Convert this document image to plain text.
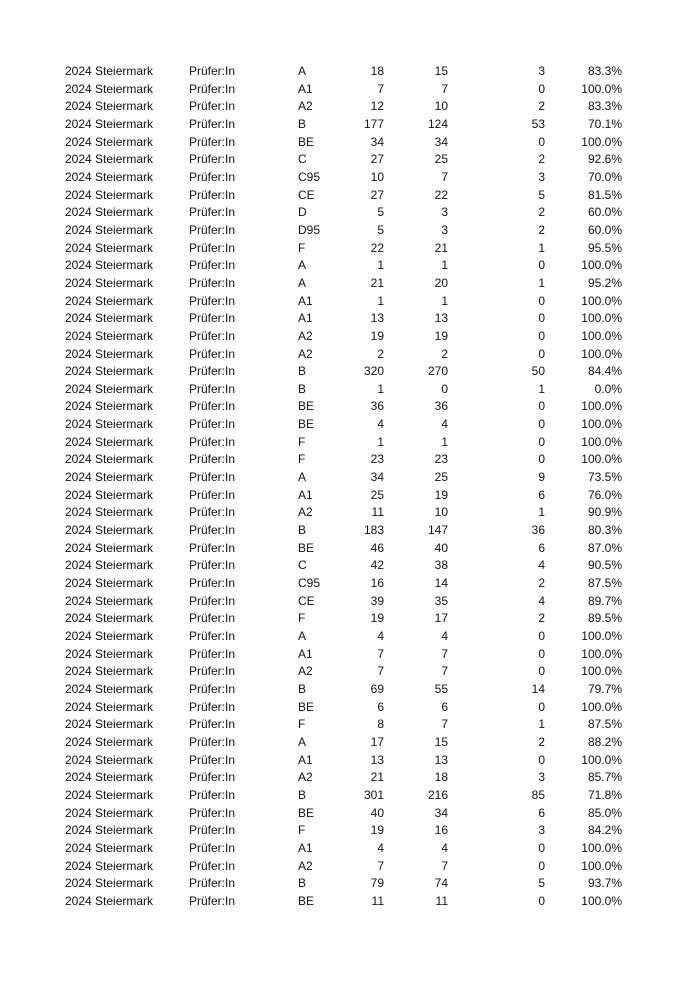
2024 Steiermark	Prüfer:In	A	18	15	3	83.3%
2024 Steiermark	Prüfer:In	A1	7	7	0	100.0%
2024 Steiermark	Prüfer:In	A2	12	10	2	83.3%
2024 Steiermark	Prüfer:In	B	177	124	53	70.1%
2024 Steiermark	Prüfer:In	BE	34	34	0	100.0%
2024 Steiermark	Prüfer:In	C	27	25	2	92.6%
2024 Steiermark	Prüfer:In	C95	10	7	3	70.0%
2024 Steiermark	Prüfer:In	CE	27	22	5	81.5%
2024 Steiermark	Prüfer:In	D	5	3	2	60.0%
2024 Steiermark	Prüfer:In	D95	5	3	2	60.0%
2024 Steiermark	Prüfer:In	F	22	21	1	95.5%
2024 Steiermark	Prüfer:In	A	1	1	0	100.0%
2024 Steiermark	Prüfer:In	A	21	20	1	95.2%
2024 Steiermark	Prüfer:In	A1	1	1	0	100.0%
2024 Steiermark	Prüfer:In	A1	13	13	0	100.0%
2024 Steiermark	Prüfer:In	A2	19	19	0	100.0%
2024 Steiermark	Prüfer:In	A2	2	2	0	100.0%
2024 Steiermark	Prüfer:In	B	320	270	50	84.4%
2024 Steiermark	Prüfer:In	B	1	0	1	0.0%
2024 Steiermark	Prüfer:In	BE	36	36	0	100.0%
2024 Steiermark	Prüfer:In	BE	4	4	0	100.0%
2024 Steiermark	Prüfer:In	F	1	1	0	100.0%
2024 Steiermark	Prüfer:In	F	23	23	0	100.0%
2024 Steiermark	Prüfer:In	A	34	25	9	73.5%
2024 Steiermark	Prüfer:In	A1	25	19	6	76.0%
2024 Steiermark	Prüfer:In	A2	11	10	1	90.9%
2024 Steiermark	Prüfer:In	B	183	147	36	80.3%
2024 Steiermark	Prüfer:In	BE	46	40	6	87.0%
2024 Steiermark	Prüfer:In	C	42	38	4	90.5%
2024 Steiermark	Prüfer:In	C95	16	14	2	87.5%
2024 Steiermark	Prüfer:In	CE	39	35	4	89.7%
2024 Steiermark	Prüfer:In	F	19	17	2	89.5%
2024 Steiermark	Prüfer:In	A	4	4	0	100.0%
2024 Steiermark	Prüfer:In	A1	7	7	0	100.0%
2024 Steiermark	Prüfer:In	A2	7	7	0	100.0%
2024 Steiermark	Prüfer:In	B	69	55	14	79.7%
2024 Steiermark	Prüfer:In	BE	6	6	0	100.0%
2024 Steiermark	Prüfer:In	F	8	7	1	87.5%
2024 Steiermark	Prüfer:In	A	17	15	2	88.2%
2024 Steiermark	Prüfer:In	A1	13	13	0	100.0%
2024 Steiermark	Prüfer:In	A2	21	18	3	85.7%
2024 Steiermark	Prüfer:In	B	301	216	85	71.8%
2024 Steiermark	Prüfer:In	BE	40	34	6	85.0%
2024 Steiermark	Prüfer:In	F	19	16	3	84.2%
2024 Steiermark	Prüfer:In	A1	4	4	0	100.0%
2024 Steiermark	Prüfer:In	A2	7	7	0	100.0%
2024 Steiermark	Prüfer:In	B	79	74	5	93.7%
2024 Steiermark	Prüfer:In	BE	11	11	0	100.0%
